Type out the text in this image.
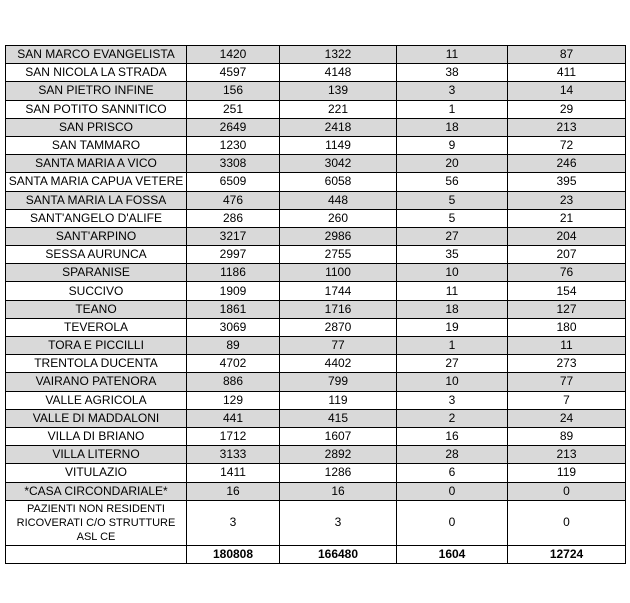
SAN MARCO EVANGELISTA	1420	1322	11	87
SAN NICOLA LA STRADA	4597	4148	38	411
SAN PIETRO INFINE	156	139	3	14
SAN POTITO SANNITICO	251	221	1	29
SAN PRISCO	2649	2418	18	213
SAN TAMMARO	1230	1149	9	72
SANTA MARIA A VICO	3308	3042	20	246
SANTA MARIA CAPUA VETERE	6509	6058	56	395
SANTA MARIA LA FOSSA	476	448	5	23
SANT'ANGELO D'ALIFE	286	260	5	21
SANT'ARPINO	3217	2986	27	204
SESSA AURUNCA	2997	2755	35	207
SPARANISE	1186	1100	10	76
SUCCIVO	1909	1744	11	154
TEANO	1861	1716	18	127
TEVEROLA	3069	2870	19	180
TORA E PICCILLI	89	77	1	11
TRENTOLA DUCENTA	4702	4402	27	273
VAIRANO PATENORA	886	799	10	77
VALLE AGRICOLA	129	119	3	7
VALLE DI MADDALONI	441	415	2	24
VILLA DI BRIANO	1712	1607	16	89
VILLA LITERNO	3133	2892	28	213
VITULAZIO	1411	1286	6	119
*CASA CIRCONDARIALE*	16	16	0	0
PAZIENTI NON RESIDENTI RICOVERATI C/O STRUTTURE ASL CE	3	3	0	0
	180808	166480	1604	12724
